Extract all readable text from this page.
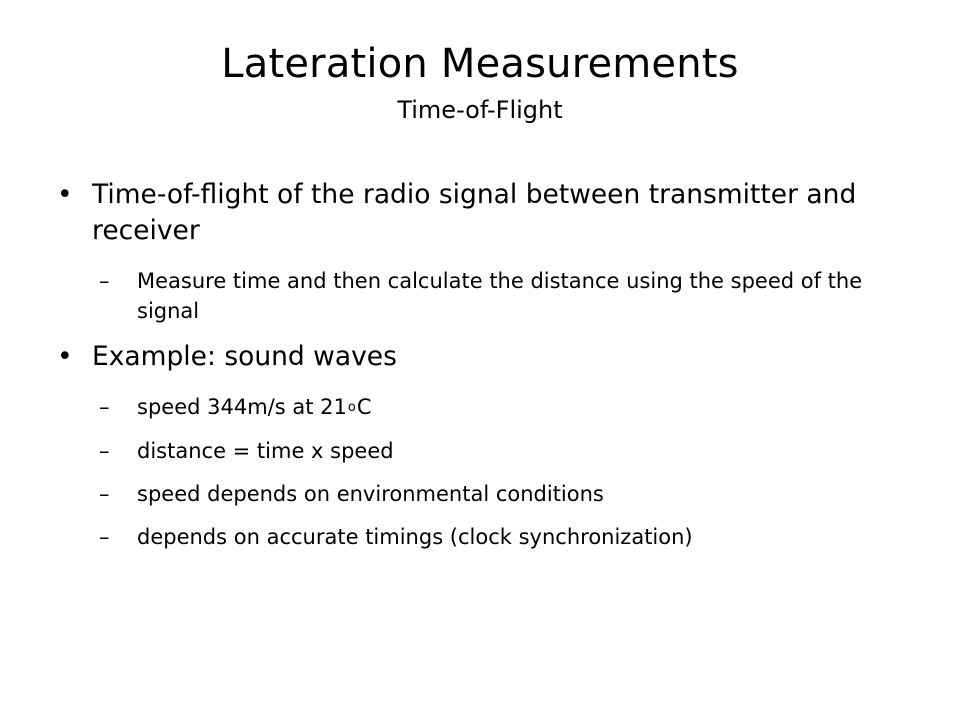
Lateration Measurements
Time-of-Flight
• Time-of-flight of the radio signal between transmitter and receiver
– Measure time and then calculate the distance using the speed of the signal
• Example: sound waves
– speed 344m/s at 21$^o$C
– distance = time x speed
– speed depends on environmental conditions
– depends on accurate timings (clock synchronization)
